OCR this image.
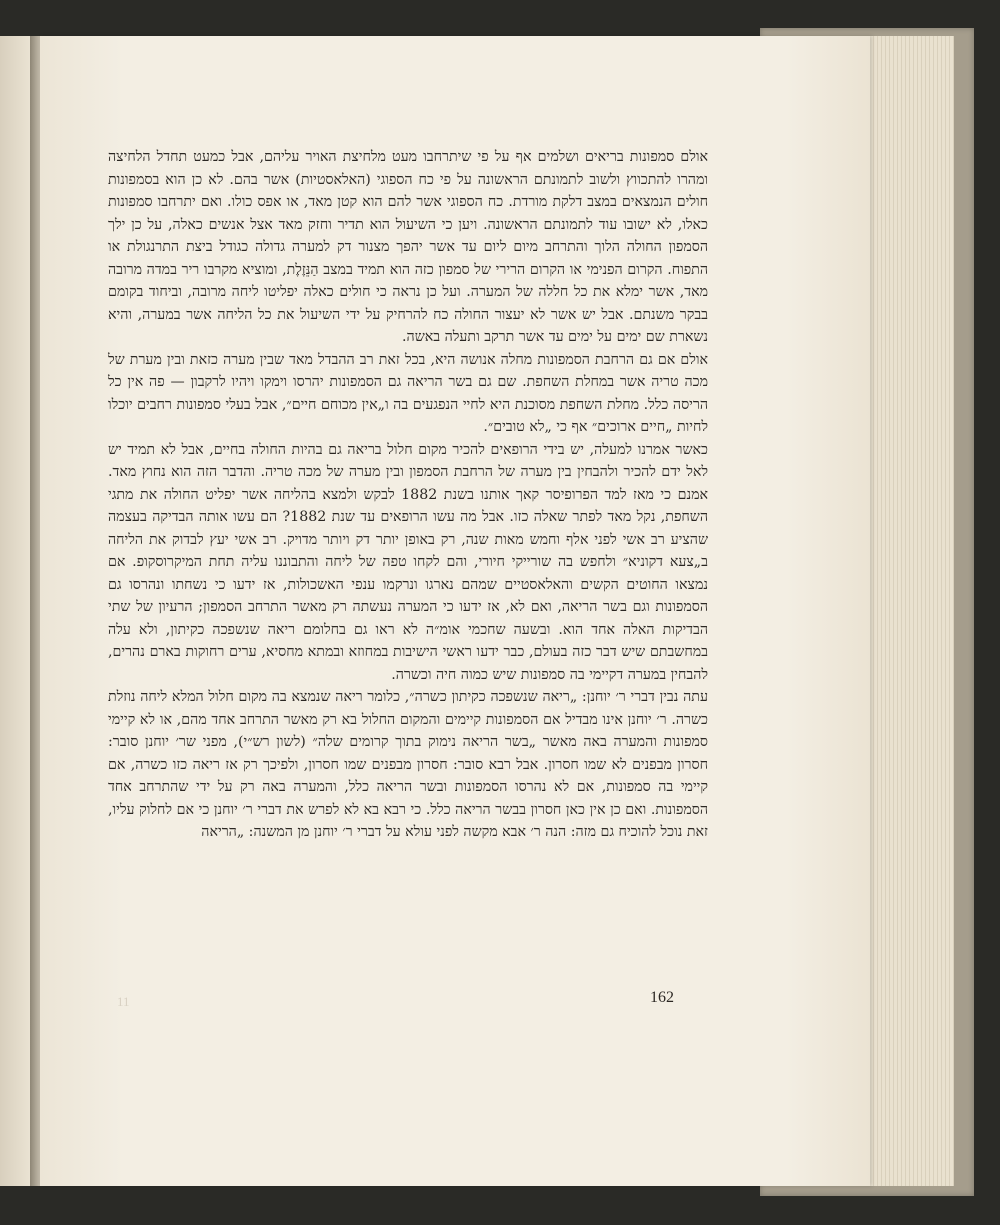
אולם סמפונות בריאים ושלמים אף על פי שיתרחבו מעט מלחיצת האויר עליהם, אבל כמעט תחדל הלחיצה ומהרו להתכווץ ולשוב לתמונתם הראשונה על פי כח הספוגי (האלאסטיות) אשר בהם. לא כן הוא בסמפונות חולים הנמצאים במצב דלקת מורדת. כח הספוגי אשר להם הוא קטן מאד, או אפס כולו. ואם יתרחבו סמפונות כאלו, לא ישובו עוד לתמונתם הראשונה. ויען כי השיעול הוא תדיר וחזק מאד אצל אנשים כאלה, על כן ילך הסמפון החולה הלוך והתרחב מיום ליום עד אשר יהפך מצנור דק למערה גדולה כגודל ביצת התרנגולת או התפוח. הקרום הפנימי או הקרום הרירי של סמפון כזה הוא תמיד במצב הַנֵּזֶלֶת, ומוציא מקרבו ריר במדה מרובה מאד, אשר ימלא את כל חללה של המערה. ועל כן נראה כי חולים כאלה יפליטו ליחה מרובה, וביחוד בקומם בבקר משנתם. אבל יש אשר לא יעצור החולה כח להרחיק על ידי השיעול את כל הליחה אשר במערה, והיא נשארת שם ימים על ימים עד אשר תרקב ותעלה באשה.

אולם אם גם הרחבת הסמפונות מחלה אנושה היא, בכל זאת רב ההבדל מאד שבין מערה כזאת ובין מערת של מכה טריה אשר במחלת השחפת. שם גם בשר הריאה גם הסמפונות יהרסו וימקו ויהיו לרקבון — פה אין כל הריסה כלל. מחלת השחפת מסוכנת היא לחיי הנפגעים בה ו„אין מכוחם חיים״, אבל בעלי סמפונות רחבים יוכלו לחיות „חיים ארוכים״ אף כי „לא טובים״.

כאשר אמרנו למעלה, יש בידי הרופאים להכיר מקום חלול בריאה גם בהיות החולה בחיים, אבל לא תמיד יש לאל ידם להכיר ולהבחין בין מערה של הרחבת הסמפון ובין מערה של מכה טריה. והדבר הזה הוא נחוץ מאד. אמנם כי מאז למד הפרופיסר קאך אותנו בשנת 1882 לבקש ולמצא בהליחה אשר יפליט החולה את מתגי השחפת, נקל מאד לפתר שאלה כזו. אבל מה עשו הרופאים עד שנת 1882? הם עשו אותה הבדיקה בעצמה שהציע רב אשי לפני אלף וחמש מאות שנה, רק באופן יותר דק ויותר מדויק. רב אשי יעץ לבדוק את הליחה ב„צעא דקוניא״ ולחפש בה שורייקי חיורי, והם לקחו טפה של ליחה והתבוננו עליה תחת המיקרוסקופ. אם נמצאו החוטים הקשים והאלאסטיים שמהם נארגו ונרקמו ענפי האשכולות, אז ידעו כי נשחתו ונהרסו גם הסמפונות וגם בשר הריאה, ואם לא, אז ידעו כי המערה נעשתה רק מאשר התרחב הסמפון; הרעיון של שתי הבדיקות האלה אחד הוא. ובשעה שחכמי אומ״ה לא ראו גם בחלומם ריאה שנשפכה כקיתון, ולא עלה במחשבתם שיש דבר כזה בעולם, כבר ידעו ראשי הישיבות במחוזא ובמתא מחסיא, ערים רחוקות בארם נהרים, להבחין במערה דקיימי בה סמפונות שיש כמוה חיה וכשרה.

עתה נבין דברי ר׳ יוחנן: „ריאה שנשפכה כקיתון כשרה״, כלומר ריאה שנמצא בה מקום חלול המלא ליחה נוזלת כשרה. ר׳ יוחנן אינו מבדיל אם הסמפונות קיימים והמקום החלול בא רק מאשר התרחב אחד מהם, או לא קיימי סמפונות והמערה באה מאשר „בשר הריאה נימוק בתוך קרומים שלה״ (לשון רש״י), מפני שר׳ יוחנן סובר: חסרון מבפנים לא שמו חסרון. אבל רבא סובר: חסרון מבפנים שמו חסרון, ולפיכך רק אז ריאה כזו כשרה, אם קיימי בה סמפונות, אם לא נהרסו הסמפונות ובשר הריאה כלל, והמערה באה רק על ידי שהתרחב אחד הסמפונות. ואם כן אין כאן חסרון בבשר הריאה כלל. כי רבא בא לא לפרש את דברי ר׳ יוחנן כי אם לחלוק עליו, זאת נוכל להוכיח גם מזה: הנה ר׳ אבא מקשה לפני עולא על דברי ר׳ יוחנן מן המשנה: „הריאה

11	162
